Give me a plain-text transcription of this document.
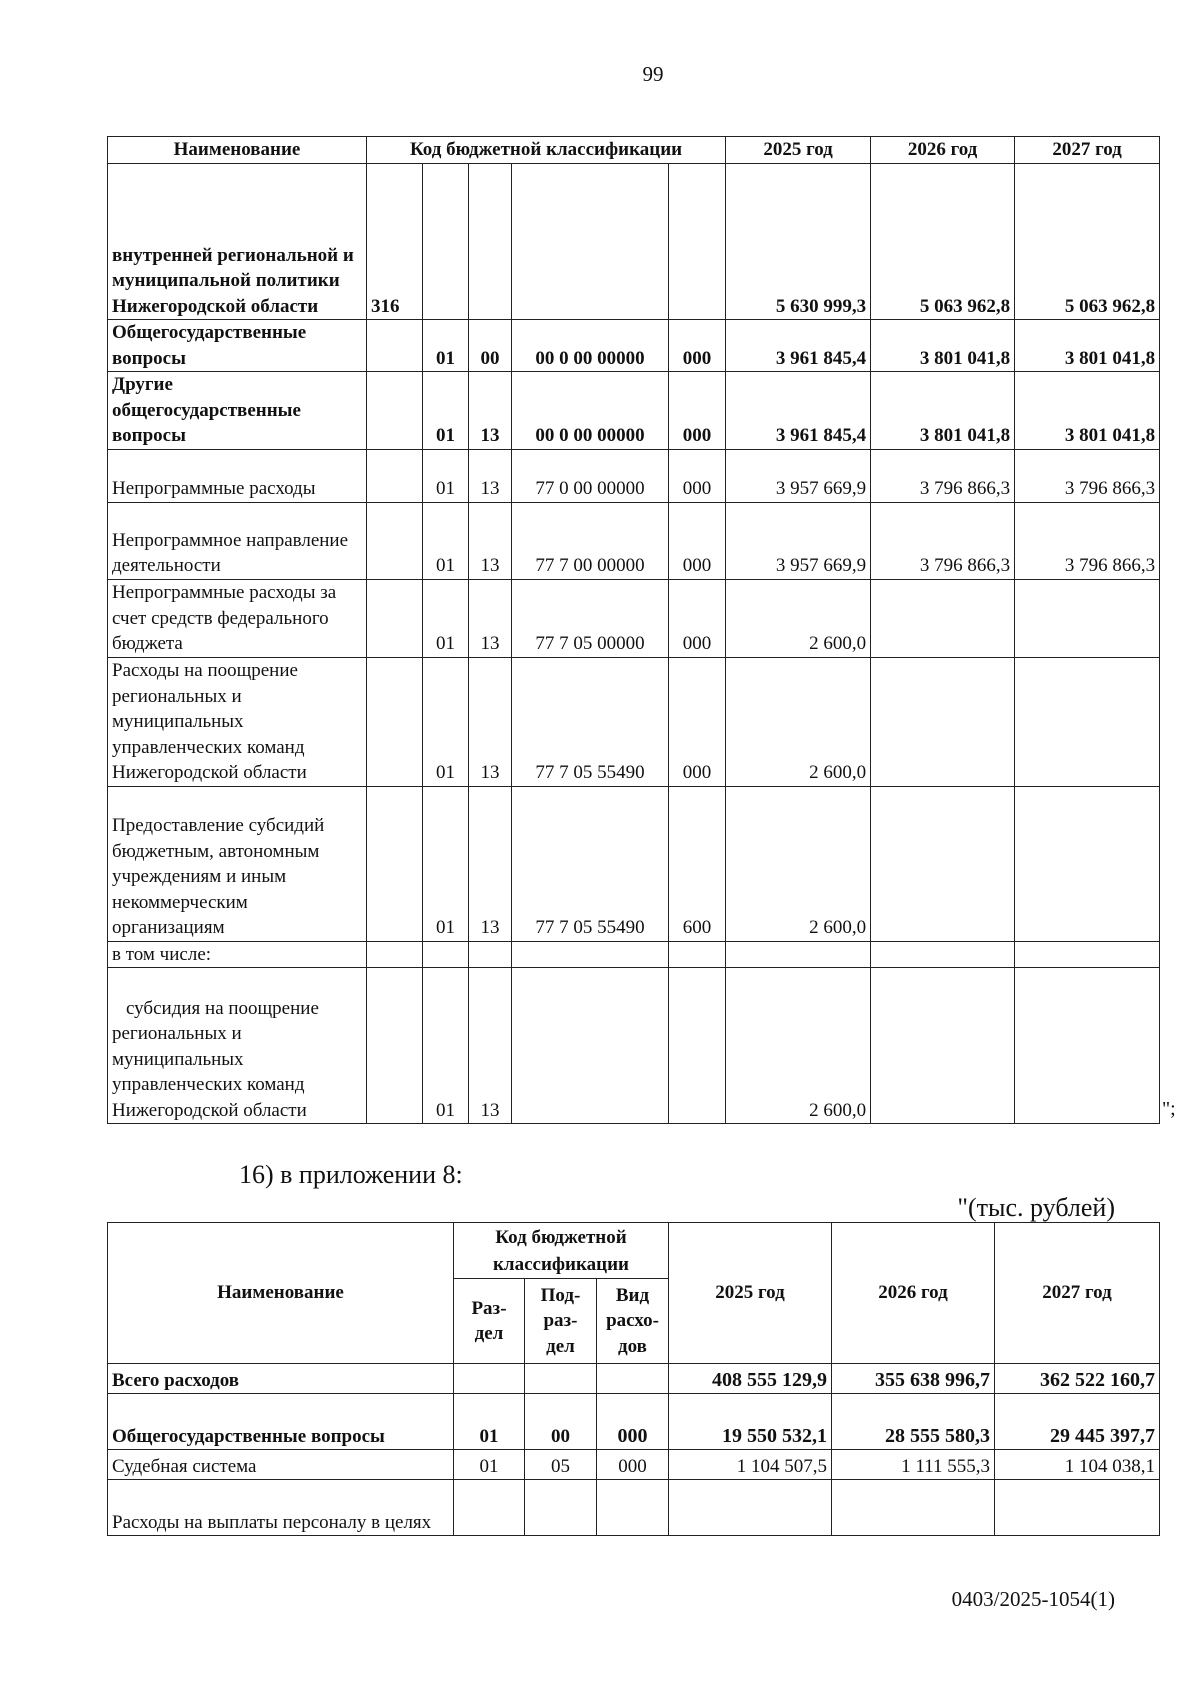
99
Наименование	Код бюджетной классификации					2025 год	2026 год	2027 год
внутренней региональной и муниципальной политики Нижегородской области	316					5 630 999,3	5 063 962,8	5 063 962,8
Общегосударственные вопросы		01	00	00 0 00 00000	000	3 961 845,4	3 801 041,8	3 801 041,8
Другие общегосударственные вопросы		01	13	00 0 00 00000	000	3 961 845,4	3 801 041,8	3 801 041,8
Непрограммные расходы		01	13	77 0 00 00000	000	3 957 669,9	3 796 866,3	3 796 866,3
Непрограммное направление деятельности		01	13	77 7 00 00000	000	3 957 669,9	3 796 866,3	3 796 866,3
Непрограммные расходы за счет средств федерального бюджета		01	13	77 7 05 00000	000	2 600,0		
Расходы на поощрение региональных и муниципальных управленческих команд Нижегородской области		01	13	77 7 05 55490	000	2 600,0		
Предоставление субсидий бюджетным, автономным учреждениям и иным некоммерческим организациям		01	13	77 7 05 55490	600	2 600,0		
в том числе:								
субсидия на поощрение региональных и муниципальных управленческих команд Нижегородской области		01	13			2 600,0			";
16) в приложении 8:
"(тыс. рублей)
Наименование	Код бюджетной классификации			2025 год	2026 год	2027 год
	Раз-дел	Под-раз-дел	Вид расхо-дов			
Всего расходов				408 555 129,9	355 638 996,7	362 522 160,7
Общегосударственные вопросы	01	00	000	19 550 532,1	28 555 580,3	29 445 397,7
Судебная система	01	05	000	1 104 507,5	1 111 555,3	1 104 038,1
Расходы на выплаты персоналу в целях						
0403/2025-1054(1)
